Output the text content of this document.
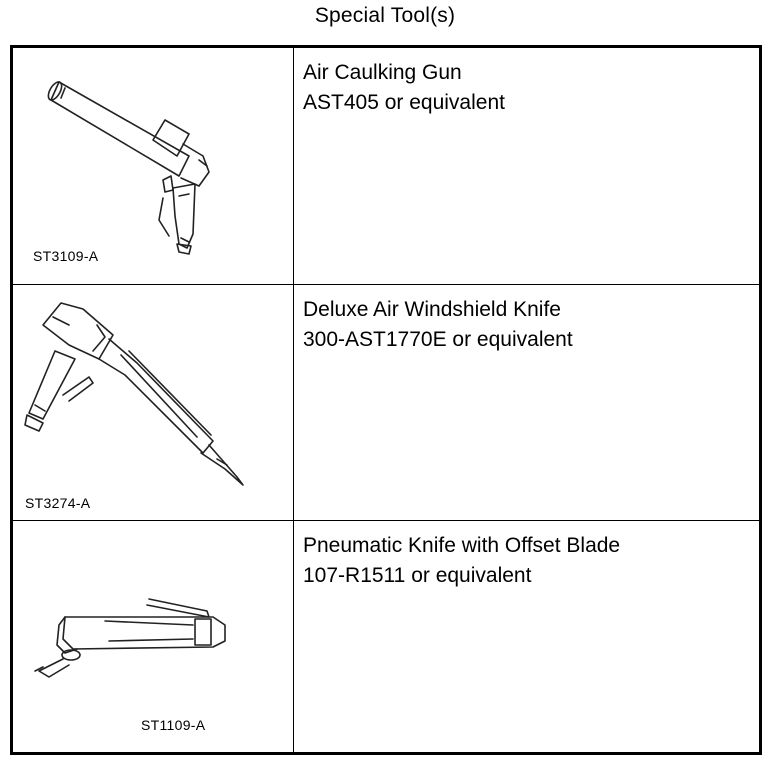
Special Tool(s)
ST3109-A
Air Caulking Gun
AST405 or equivalent
ST3274-A
Deluxe Air Windshield Knife
300-AST1770E or equivalent
ST1109-A
Pneumatic Knife with Offset Blade
107-R1511 or equivalent
